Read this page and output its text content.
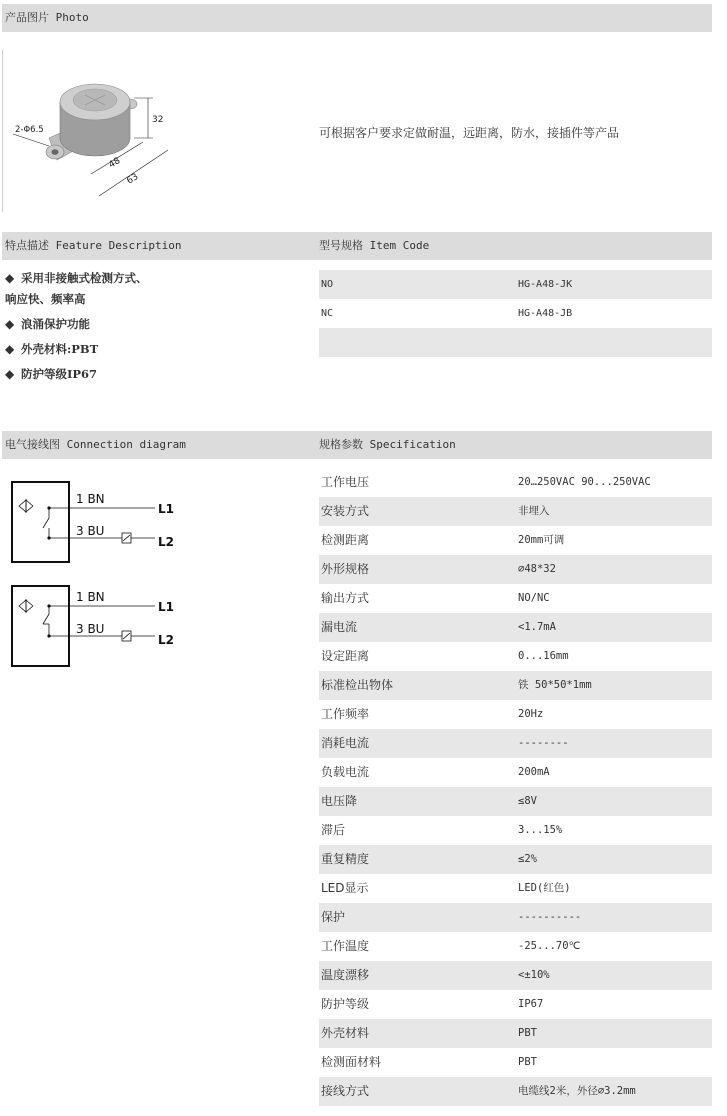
产品图片 Photo
32
48
63
2-Φ6.5	可根据客户要求定做耐温，远距离，防水，接插件等产品
特点描述 Feature Description	型号规格 Item Code
◆ 采用非接触式检测方式、
响应快、频率高
◆ 浪涌保护功能
◆ 外壳材料:PBT
◆ 防护等级IP67
NO	HG-A48-JK
NC	HG-A48-JB
电气接线图 Connection diagram	规格参数 Specification
1 BN
3 BU
L1
L2
1 BN
3 BU
L1
L2
工作电压	20…250VAC 90...250VAC
安装方式	非埋入
检测距离	20mm可调
外形规格	∅48*32
输出方式	NO/NC
漏电流	<1.7mA
设定距离	0...16mm
标准检出物体	铁 50*50*1mm
工作频率	20Hz
消耗电流	--------
负载电流	200mA
电压降	≤8V
滞后	3...15%
重复精度	≤2%
LED显示	LED(红色)
保护	----------
工作温度	-25...70℃
温度漂移	<±10%
防护等级	IP67
外壳材料	PBT
检测面材料	PBT
接线方式	电缆线2米，外径∅3.2mm
